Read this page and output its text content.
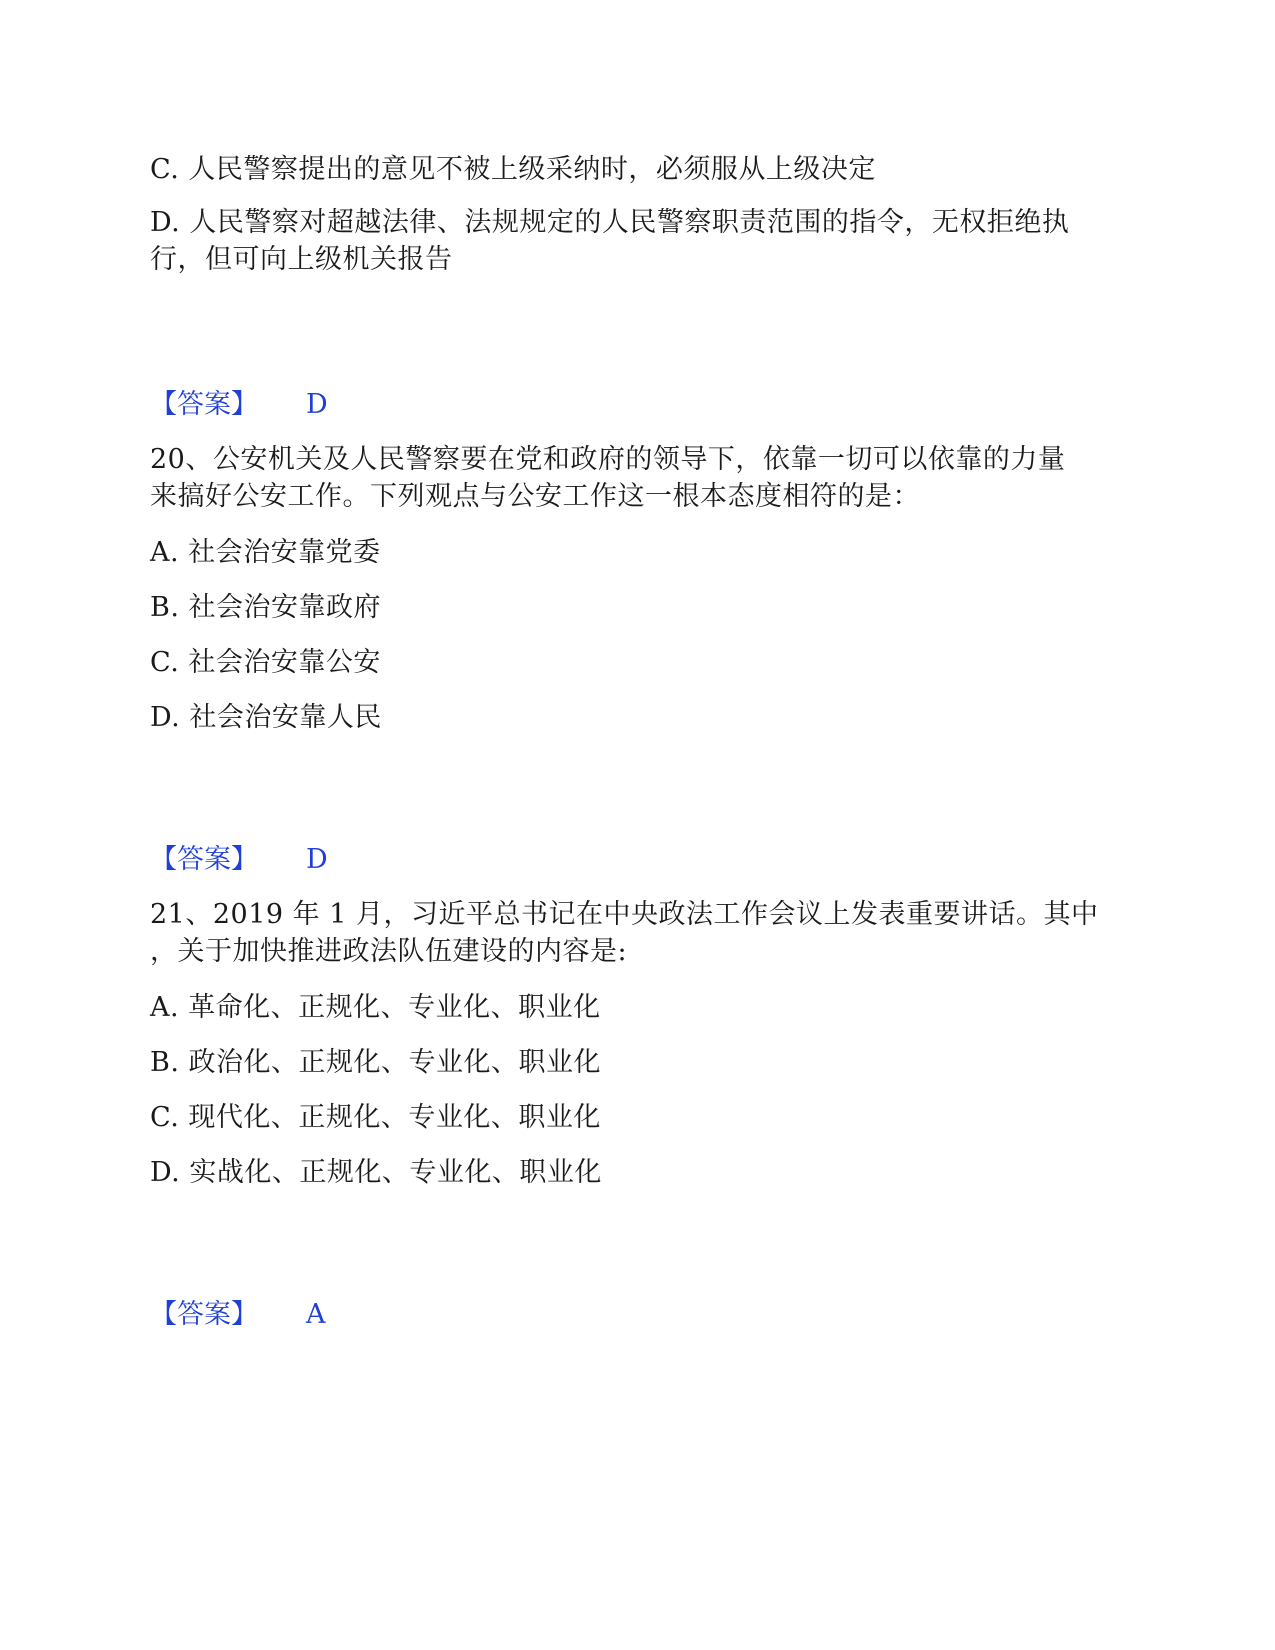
C. 人民警察提出的意见不被上级采纳时，必须服从上级决定
D. 人民警察对超越法律、法规规定的人民警察职责范围的指令，无权拒绝执
行，但可向上级机关报告
【答案】 D
20、公安机关及人民警察要在党和政府的领导下，依靠一切可以依靠的力量
来搞好公安工作。下列观点与公安工作这一根本态度相符的是：
A. 社会治安靠党委
B. 社会治安靠政府
C. 社会治安靠公安
D. 社会治安靠人民
【答案】 D
21、2019 年 1 月，习近平总书记在中央政法工作会议上发表重要讲话。其中
，关于加快推进政法队伍建设的内容是:
A. 革命化、正规化、专业化、职业化
B. 政治化、正规化、专业化、职业化
C. 现代化、正规化、专业化、职业化
D. 实战化、正规化、专业化、职业化
【答案】 A
